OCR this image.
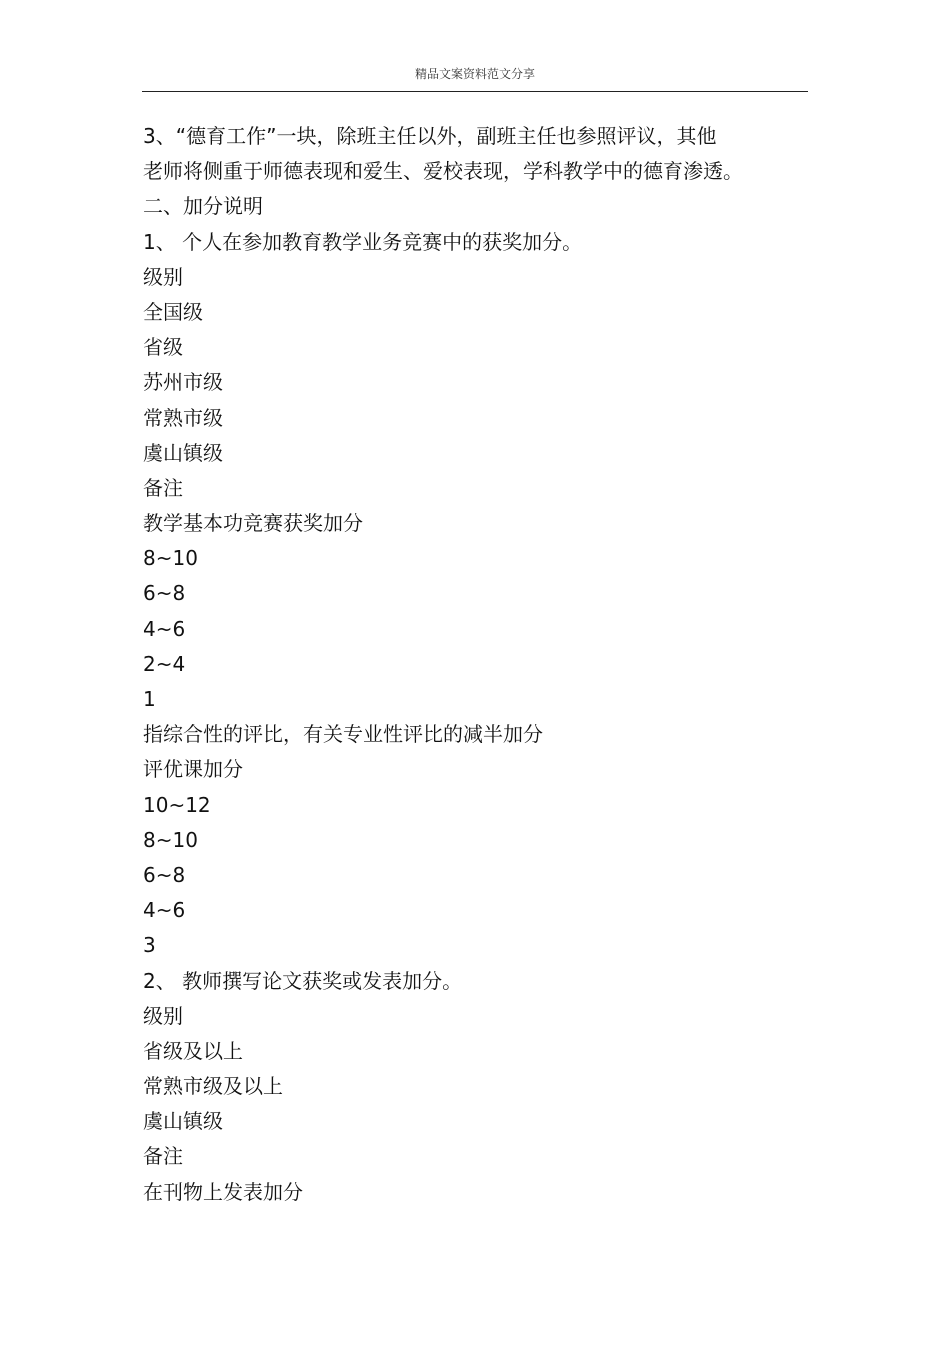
精品文案资料范文分享
3、“德育工作”一块，除班主任以外，副班主任也参照评议，其他
老师将侧重于师德表现和爱生、爱校表现，学科教学中的德育渗透。
二、加分说明
1、 个人在参加教育教学业务竞赛中的获奖加分。
级别
全国级
省级
苏州市级
常熟市级
虞山镇级
备注
教学基本功竞赛获奖加分
8~10
6~8
4~6
2~4
1
指综合性的评比，有关专业性评比的减半加分
评优课加分
10~12
8~10
6~8
4~6
3
2、 教师撰写论文获奖或发表加分。
级别
省级及以上
常熟市级及以上
虞山镇级
备注
在刊物上发表加分
